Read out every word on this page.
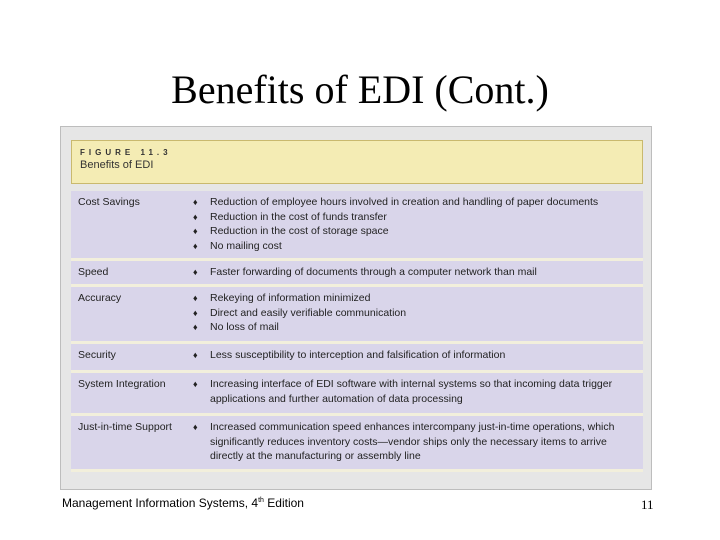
Benefits of EDI (Cont.)
FIGURE 11.3
Benefits of EDI
Cost Savings	♦ Reduction of employee hours involved in creation and handling of paper documents
♦ Reduction in the cost of funds transfer
♦ Reduction in the cost of storage space
♦ No mailing cost
Speed	♦ Faster forwarding of documents through a computer network than mail
Accuracy	♦ Rekeying of information minimized
♦ Direct and easily verifiable communication
♦ No loss of mail
Security	♦ Less susceptibility to interception and falsification of information
System Integration	♦ Increasing interface of EDI software with internal systems so that incoming data trigger applications and further automation of data processing
Just-in-time Support ♦ Increased communication speed enhances intercompany just-in-time operations, which significantly reduces inventory costs—vendor ships only the necessary items to arrive directly at the manufacturing or assembly line
Management Information Systems, 4th Edition	11
